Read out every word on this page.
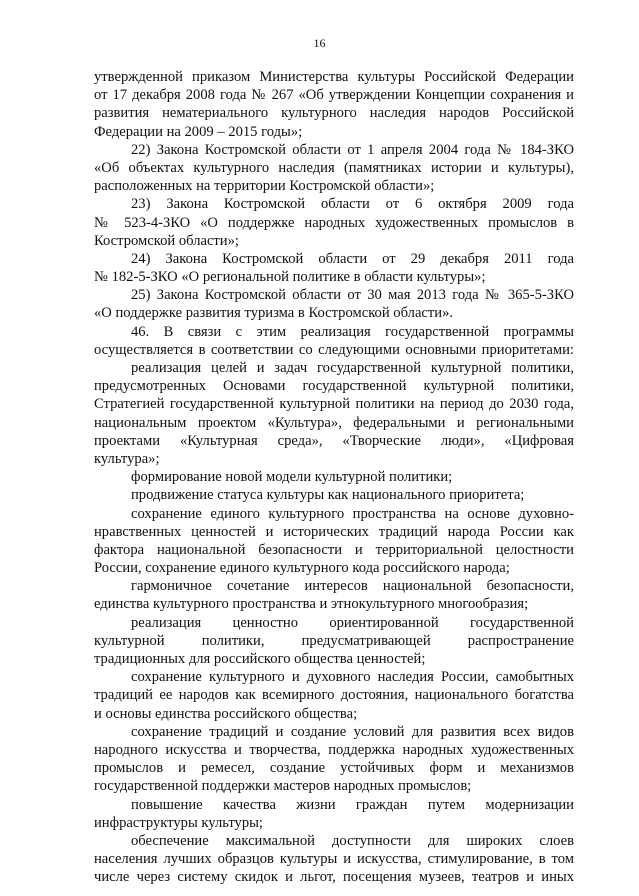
16
утвержденной приказом Министерства культуры Российской Федерации
от 17 декабря 2008 года № 267 «Об утверждении Концепции сохранения и
развития нематериального культурного наследия народов Российской
Федерации на 2009 – 2015 годы»;
22) Закона Костромской области от 1 апреля 2004 года № 184-ЗКО
«Об объектах культурного наследия (памятниках истории и культуры),
расположенных на территории Костромской области»;
23) Закона Костромской области от 6 октября 2009 года
№ 523-4-ЗКО «О поддержке народных художественных промыслов в
Костромской области»;
24) Закона Костромской области от 29 декабря 2011 года
№ 182-5-ЗКО «О региональной политике в области культуры»;
25) Закона Костромской области от 30 мая 2013 года № 365-5-ЗКО
«О поддержке развития туризма в Костромской области».
46. В связи с этим реализация государственной программы
осуществляется в соответствии со следующими основными приоритетами:
реализация целей и задач государственной культурной политики,
предусмотренных Основами государственной культурной политики,
Стратегией государственной культурной политики на период до 2030 года,
национальным проектом «Культура», федеральными и региональными
проектами «Культурная среда», «Творческие люди», «Цифровая
культура»;
формирование новой модели культурной политики;
продвижение статуса культуры как национального приоритета;
сохранение единого культурного пространства на основе духовно-
нравственных ценностей и исторических традиций народа России как
фактора национальной безопасности и территориальной целостности
России, сохранение единого культурного кода российского народа;
гармоничное сочетание интересов национальной безопасности,
единства культурного пространства и этнокультурного многообразия;
реализация ценностно ориентированной государственной
культурной политики, предусматривающей распространение
традиционных для российского общества ценностей;
сохранение культурного и духовного наследия России, самобытных
традиций ее народов как всемирного достояния, национального богатства
и основы единства российского общества;
сохранение традиций и создание условий для развития всех видов
народного искусства и творчества, поддержка народных художественных
промыслов и ремесел, создание устойчивых форм и механизмов
государственной поддержки мастеров народных промыслов;
повышение качества жизни граждан путем модернизации
инфраструктуры культуры;
обеспечение максимальной доступности для широких слоев
населения лучших образцов культуры и искусства, стимулирование, в том
числе через систему скидок и льгот, посещения музеев, театров и иных
